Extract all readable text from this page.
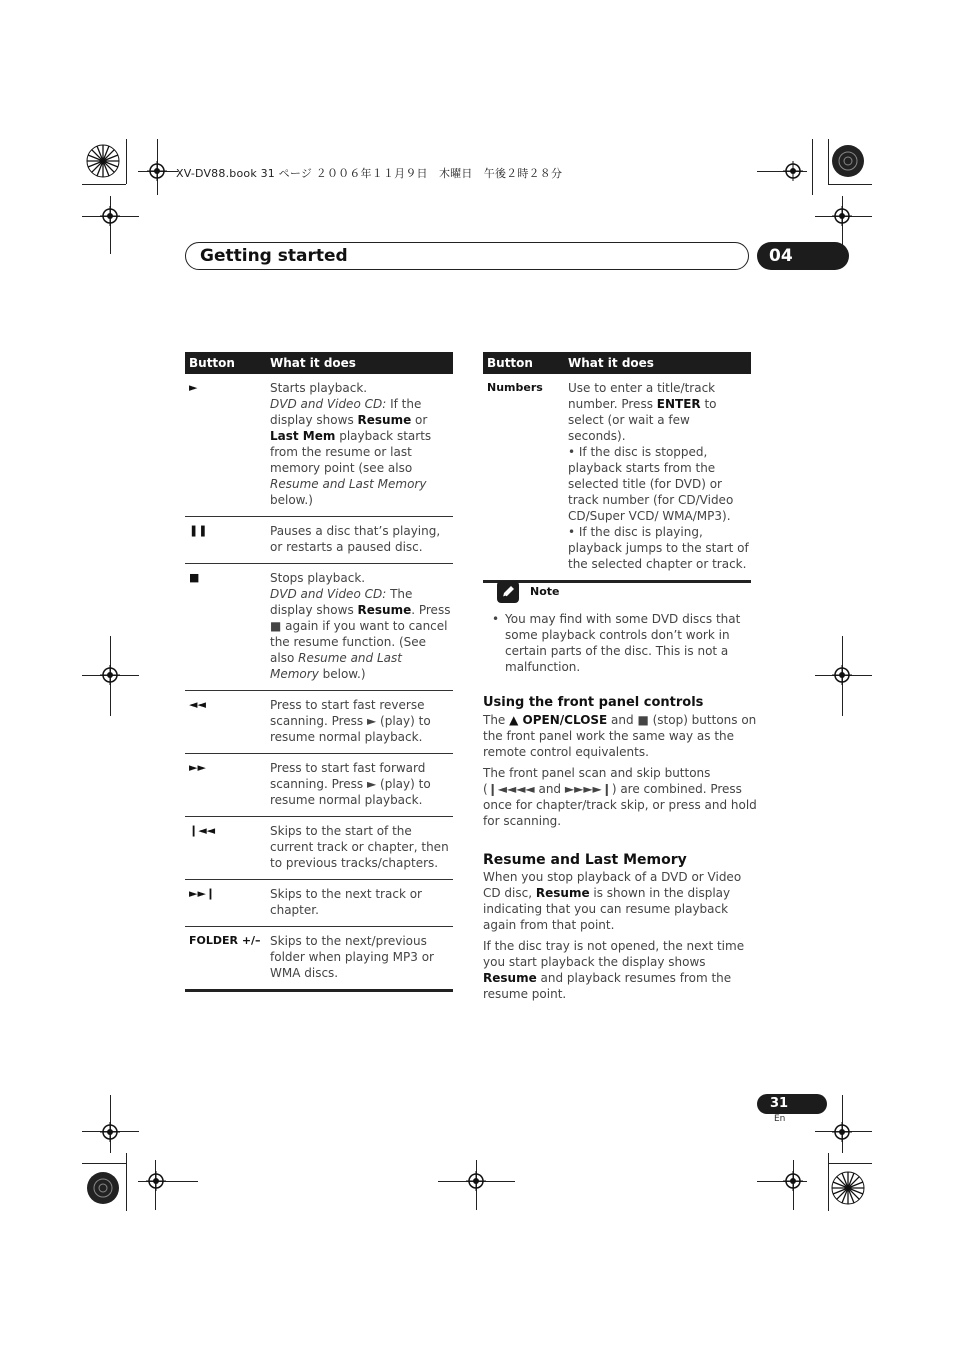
XV-DV88.book 31 ページ ２００６年１１月９日　木曜日　午後２時２８分
Getting started	04
Button	What it does
►	Starts playback.
DVD and Video CD: If the display shows Resume or Last Mem playback starts from the resume or last memory point (see also Resume and Last Memory below.)
❚❚	Pauses a disc that’s playing, or restarts a paused disc.
■	Stops playback.
DVD and Video CD: The display shows Resume. Press ■ again if you want to cancel the resume function. (See also Resume and Last Memory below.)
◄◄	Press to start fast reverse scanning. Press ► (play) to resume normal playback.
►►	Press to start fast forward scanning. Press ► (play) to resume normal playback.
❙◄◄	Skips to the start of the current track or chapter, then to previous tracks/chapters.
►►❙	Skips to the next track or chapter.
FOLDER +/– Skips to the next/previous folder when playing MP3 or WMA discs.
Button	What it does
Numbers Use to enter a title/track number. Press ENTER to select (or wait a few seconds).
• If the disc is stopped, playback starts from the selected title (for DVD) or track number (for CD/Video CD/Super VCD/ WMA/MP3).
• If the disc is playing, playback jumps to the start of the selected chapter or track.
Note
• You may find with some DVD discs that some playback controls don’t work in certain parts of the disc. This is not a malfunction.
Using the front panel controls

The ▲ OPEN/CLOSE and ■ (stop) buttons on the front panel work the same way as the remote control equivalents.

The front panel scan and skip buttons (❙◄◄◄◄ and ►►►►❙) are combined. Press once for chapter/track skip, or press and hold for scanning.

Resume and Last Memory

When you stop playback of a DVD or Video CD disc, Resume is shown in the display indicating that you can resume playback again from that point.

If the disc tray is not opened, the next time you start playback the display shows Resume and playback resumes from the resume point.

31
En
